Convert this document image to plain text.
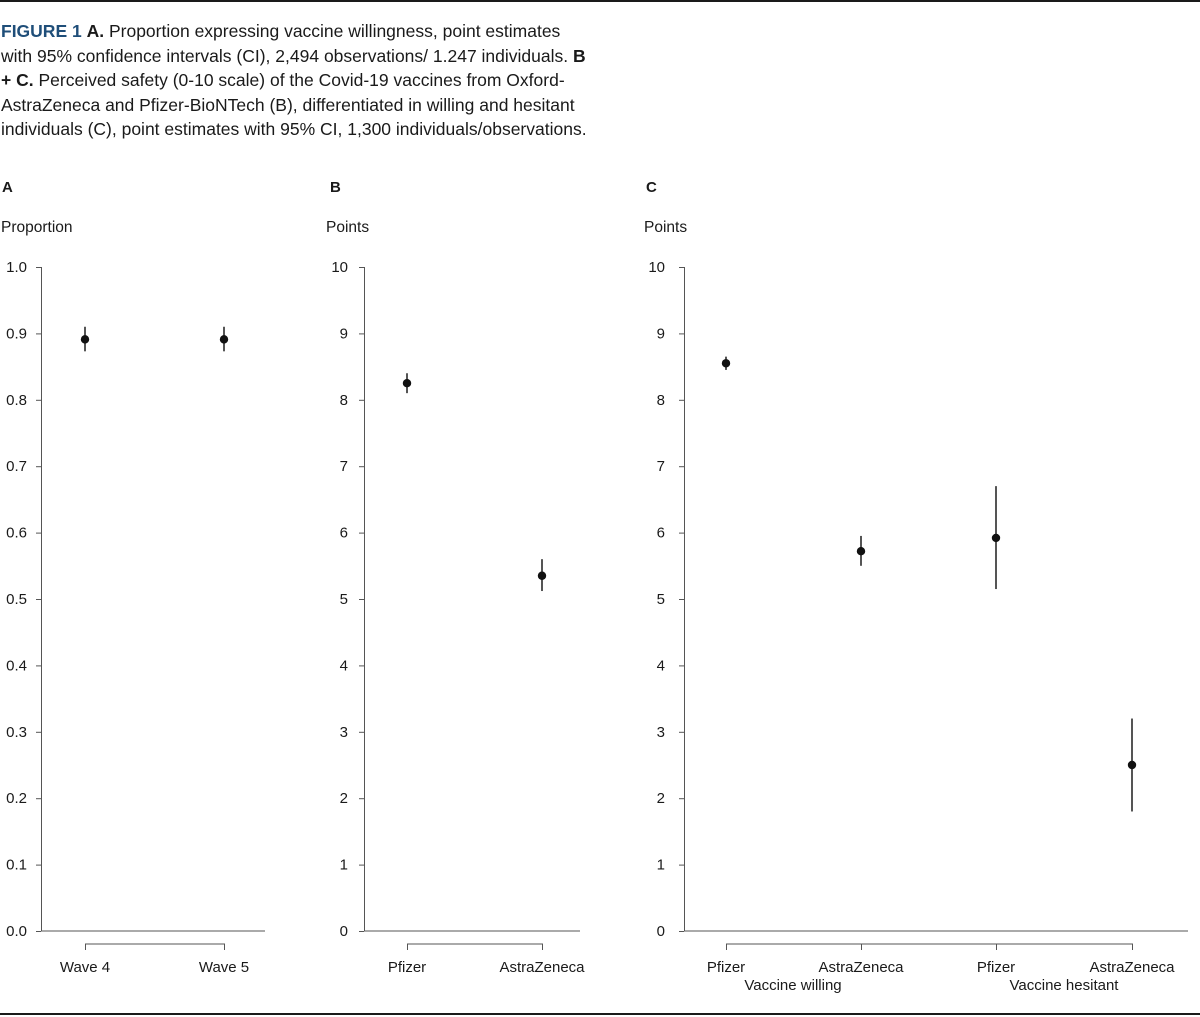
FIGURE 1 A. Proportion expressing vaccine willingness, point estimates with 95% confidence intervals (CI), 2,494 observations/ 1.247 individuals. B + C. Perceived safety (0-10 scale) of the Covid-19 vaccines from Oxford-AstraZeneca and Pfizer-BioNTech (B), differentiated in willing and hesitant individuals (C), point estimates with 95% CI, 1,300 individuals/observations.
A
Proportion
0.0
0.1
0.2
0.3
0.4
0.5
0.6
0.7
0.8
0.9
1.0
Wave 4	Wave 5
B
Points
0
1
2
3
4
5
6
7
8
9
10
Pfizer	AstraZeneca
C
Points
0
1
2
3
4
5
6
7
8
9
10
Pfizer	AstraZeneca	Pfizer	AstraZeneca
Vaccine willing	Vaccine hesitant
